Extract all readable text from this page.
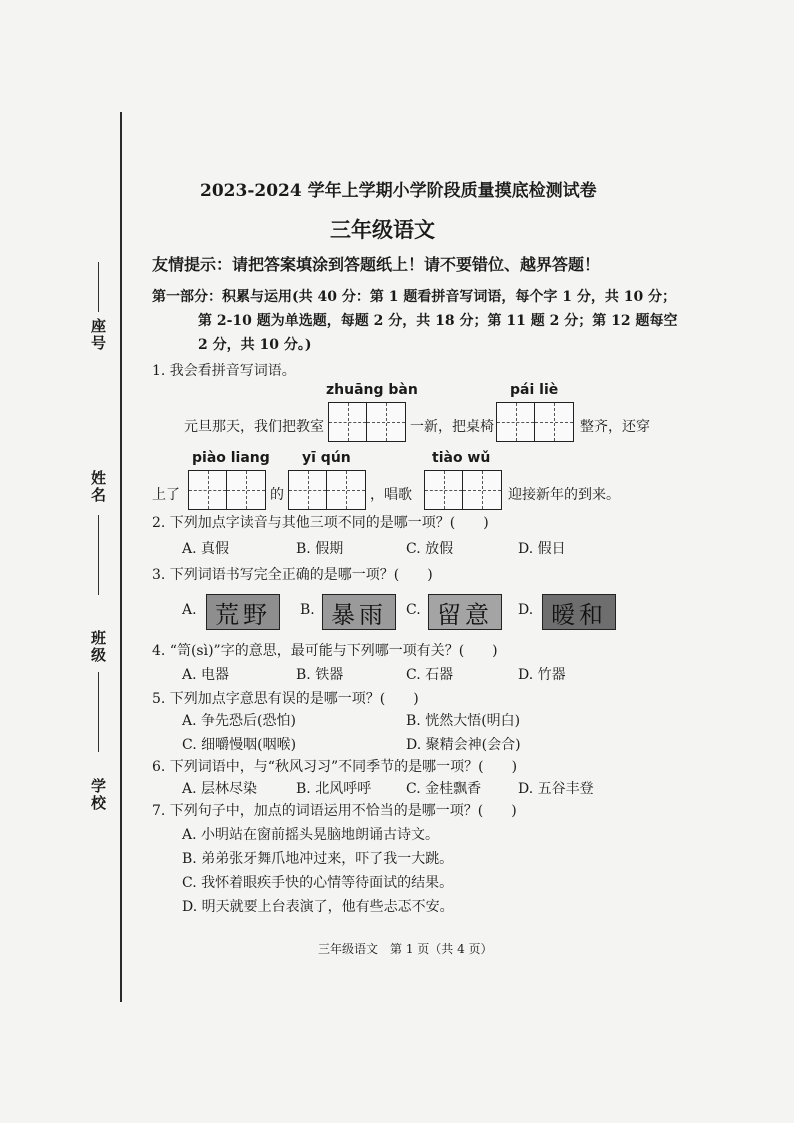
座号
姓名
班级
学校
2023-2024 学年上学期小学阶段质量摸底检测试卷
三年级语文
友情提示：请把答案填涂到答题纸上！请不要错位、越界答题！
第一部分：积累与运用(共 40 分：第 1 题看拼音写词语，每个字 1 分，共 10 分；
第 2-10 题为单选题，每题 2 分，共 18 分；第 11 题 2 分；第 12 题每空
2 分，共 10 分。)
1. 我会看拼音写词语。
zhuāng bàn	pái liè
元旦那天，我们把教室	一新，把桌椅	整齐，还穿
piào liang yī qún	tiào wǔ
上了	的	，唱歌	迎接新年的到来。
2. 下列加点字读音与其他三项不同的是哪一项？(　　)
A. 真假	B. 假期	C. 放假	D. 假日
3. 下列词语书写完全正确的是哪一项？(　　)
A. 荒野	B. 暴雨	C. 留意	D. 暧和
4. “笥(sì)”字的意思，最可能与下列哪一项有关？(　　)
A. 电器	B. 铁器	C. 石器	D. 竹器
5. 下列加点字意思有误的是哪一项？(　　)
A. 争先恐后(恐怕)	B. 恍然大悟(明白)
C. 细嚼慢咽(咽喉)	D. 聚精会神(会合)
6. 下列词语中，与“秋风习习”不同季节的是哪一项？(　　)
A. 层林尽染	B. 北风呼呼 C. 金桂飘香	D. 五谷丰登
7. 下列句子中，加点的词语运用不恰当的是哪一项？(　　)
A. 小明站在窗前摇头晃脑地朗诵古诗文。
B. 弟弟张牙舞爪地冲过来，吓了我一大跳。
C. 我怀着眼疾手快的心情等待面试的结果。
D. 明天就要上台表演了，他有些忐忑不安。
三年级语文　第 1 页（共 4 页）
